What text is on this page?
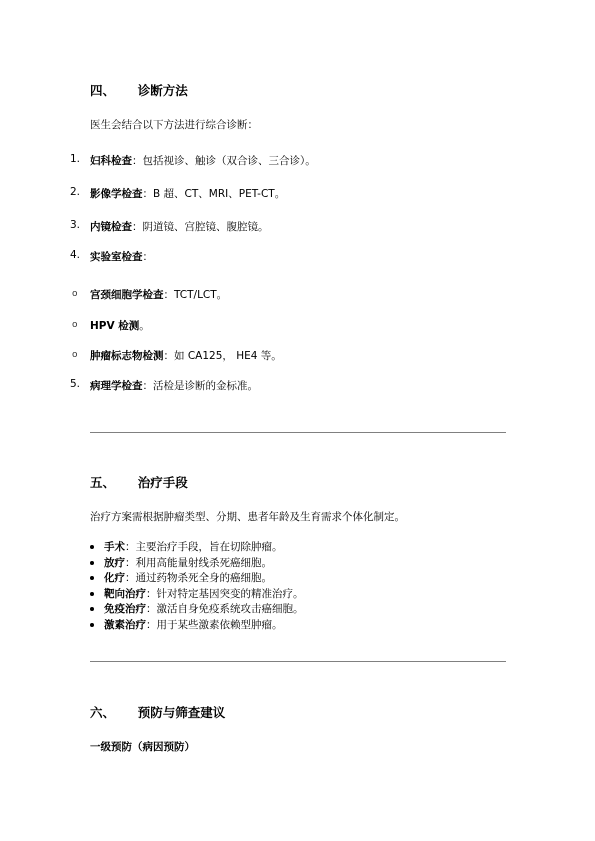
四、 诊断方法
医生会结合以下方法进行综合诊断：
1. 妇科检查：包括视诊、触诊（双合诊、三合诊）。
2. 影像学检查：B 超、CT、MRI、PET-CT。
3. 内镜检查：阴道镜、宫腔镜、腹腔镜。
4. 实验室检查：
o 宫颈细胞学检查：TCT/LCT。
o HPV 检测。
o 肿瘤标志物检测：如 CA125， HE4 等。
5. 病理学检查：活检是诊断的金标准。
五、 治疗手段
治疗方案需根据肿瘤类型、分期、患者年龄及生育需求个体化制定。
手术：主要治疗手段，旨在切除肿瘤。
放疗：利用高能量射线杀死癌细胞。
化疗：通过药物杀死全身的癌细胞。
靶向治疗：针对特定基因突变的精准治疗。
免疫治疗：激活自身免疫系统攻击癌细胞。
激素治疗：用于某些激素依赖型肿瘤。
六、 预防与筛查建议
一级预防（病因预防）
